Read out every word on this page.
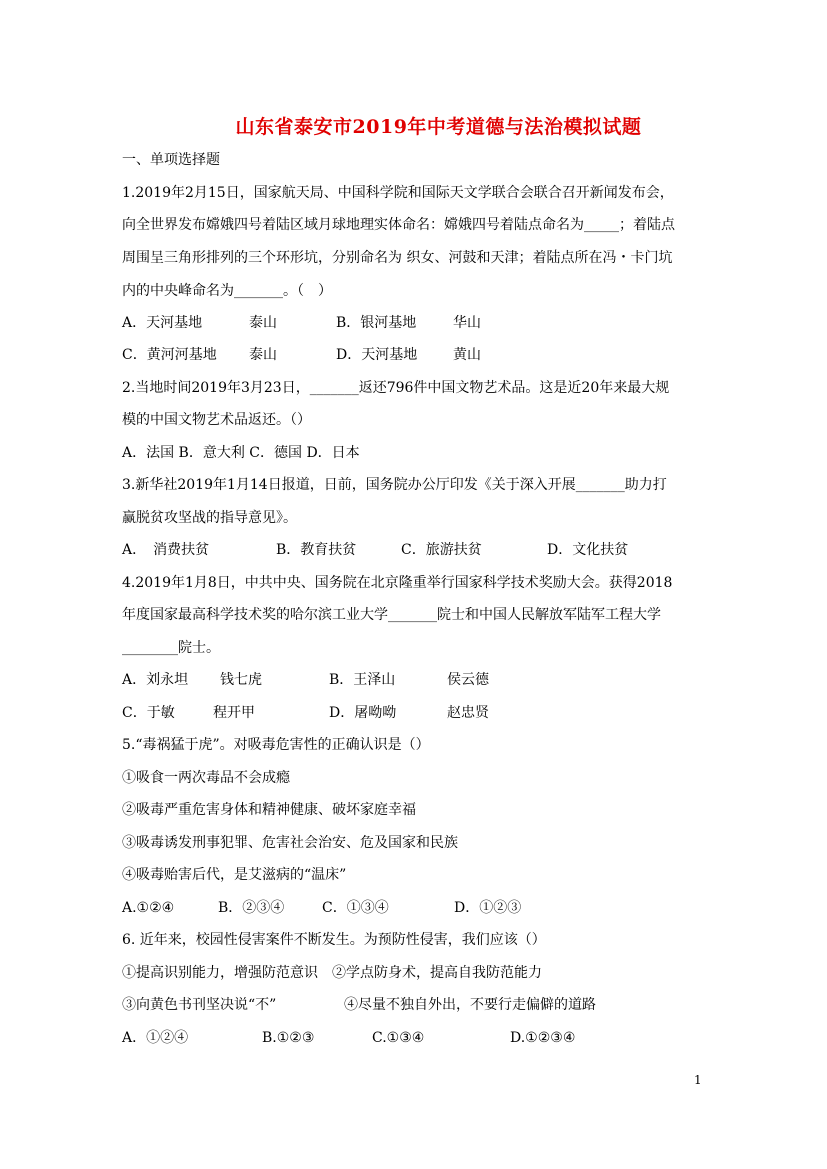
山东省泰安市2019年中考道德与法治模拟试题
一、单项选择题
1.2019年2月15日，国家航天局、中国科学院和国际天文学联合会联合召开新闻发布会，
向全世界发布嫦娥四号着陆区域月球地理实体命名：嫦娥四号着陆点命名为_____；着陆点
周围呈三角形排列的三个环形坑，分别命名为 织女、河鼓和天津；着陆点所在冯・卡门坑
内的中央峰命名为_______。（　）
A．天河基地	泰山	B．银河基地	华山
C．黄河河基地 泰山	D．天河基地	黄山
2.当地时间2019年3月23日，_______返还796件中国文物艺术品。这是近20年来最大规
模的中国文物艺术品返还。（）
A．法国 B．意大利 C．德国 D．日本
3.新华社2019年1月14日报道，日前，国务院办公厅印发《关于深入开展_______助力打
赢脱贫攻坚战的指导意见》。
A．　消费扶贫	B．教育扶贫	C．旅游扶贫	D．文化扶贫
4.2019年1月8日，中共中央、国务院在北京隆重举行国家科学技术奖励大会。获得2018
年度国家最高科学技术奖的哈尔滨工业大学_______院士和中国人民解放军陆军工程大学
________院士。
A．刘永坦 钱七虎	B．王泽山	侯云德
C．于敏	程开甲	D．屠呦呦	赵忠贤
5.“毒祸猛于虎”。对吸毒危害性的正确认识是（）
①吸食一两次毒品不会成瘾
②吸毒严重危害身体和精神健康、破坏家庭幸福
③吸毒诱发刑事犯罪、危害社会治安、危及国家和民族
④吸毒贻害后代，是艾滋病的“温床”
A.①②④	B．②③④	C．①③④	D．①②③
6. 近年来，校园性侵害案件不断发生。为预防性侵害，我们应该（）
①提高识别能力，增强防范意识　②学点防身术，提高自我防范能力
③向黄色书刊坚决说“不”	④尽量不独自外出，不要行走偏僻的道路
A．①②④	B.①②③	C.①③④	D.①②③④
1
